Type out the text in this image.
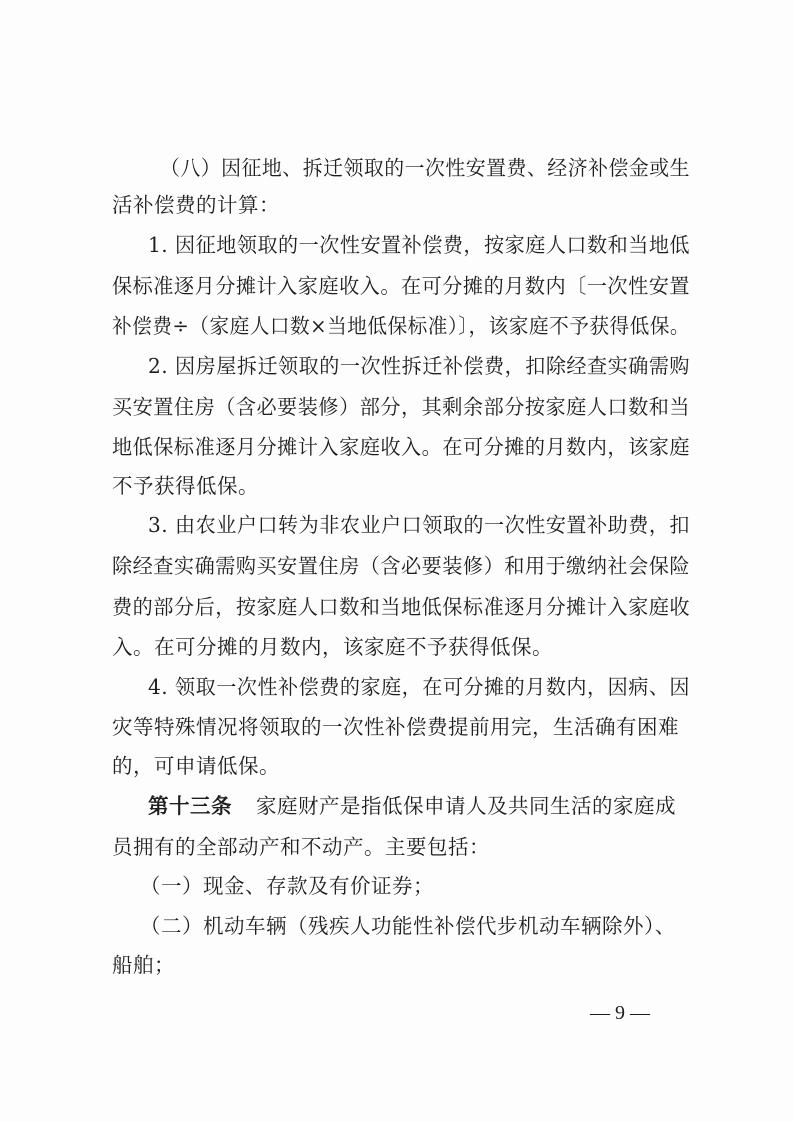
（八）因征地、拆迁领取的一次性安置费、经济补偿金或生
活补偿费的计算：
1. 因征地领取的一次性安置补偿费，按家庭人口数和当地低
保标准逐月分摊计入家庭收入。在可分摊的月数内〔一次性安置
补偿费÷（家庭人口数×当地低保标准）〕，该家庭不予获得低保。
2. 因房屋拆迁领取的一次性拆迁补偿费，扣除经查实确需购
买安置住房（含必要装修）部分，其剩余部分按家庭人口数和当
地低保标准逐月分摊计入家庭收入。在可分摊的月数内，该家庭
不予获得低保。
3. 由农业户口转为非农业户口领取的一次性安置补助费，扣
除经查实确需购买安置住房（含必要装修）和用于缴纳社会保险
费的部分后，按家庭人口数和当地低保标准逐月分摊计入家庭收
入。在可分摊的月数内，该家庭不予获得低保。
4. 领取一次性补偿费的家庭，在可分摊的月数内，因病、因
灾等特殊情况将领取的一次性补偿费提前用完，生活确有困难
的，可申请低保。
第十三条 家庭财产是指低保申请人及共同生活的家庭成
员拥有的全部动产和不动产。主要包括：
（一）现金、存款及有价证券；
（二）机动车辆（残疾人功能性补偿代步机动车辆除外）、
船舶；
— 9 —
